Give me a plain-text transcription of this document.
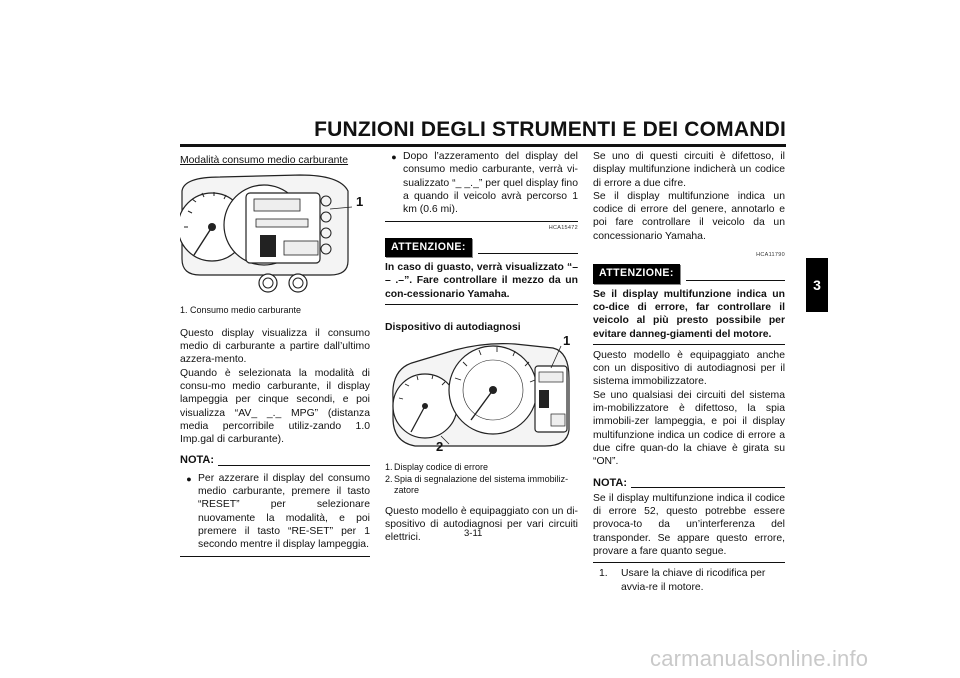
FUNZIONI DEGLI STRUMENTI E DEI COMANDI
3
Modalità consumo medio carburante
1
1. Consumo medio carburante

Questo display visualizza il consumo medio di carburante a partire dall’ultimo azzera-mento.

Quando è selezionata la modalità di consu-mo medio carburante, il display lampeggia per cinque secondi, e poi visualizza “AV_ _._ MPG” (distanza media percorribile utiliz-zando 1.0 Imp.gal di carburante).

NOTA:
● Per azzerare il display del consumo medio carburante, premere il tasto “RESET” per selezionare nuovamente la modalità, e poi premere il tasto “RE-SET” per 1 secondo mentre il display lampeggia.
● Dopo l’azzeramento del display del consumo medio carburante, verrà vi-sualizzato “_ _._” per quel display fino a quando il veicolo avrà percorso 1 km (0.6 mi).
HCA15472
ATTENZIONE:
In caso di guasto, verrà visualizzato “– – .–”. Fare controllare il mezzo da un con-cessionario Yamaha.
Dispositivo di autodiagnosi
1
2
1. Display codice di errore
2. Spia di segnalazione del sistema immobiliz-zatore

Questo modello è equipaggiato con un di-spositivo di autodiagnosi per vari circuiti elettrici.

Se uno di questi circuiti è difettoso, il display multifunzione indicherà un codice di errore a due cifre.

Se il display multifunzione indica un codice di errore del genere, annotarlo e poi fare controllare il veicolo da un concessionario Yamaha.

HCA11790
ATTENZIONE:
Se il display multifunzione indica un co-dice di errore, far controllare il veicolo al più presto possibile per evitare danneg-giamenti del motore.

Questo modello è equipaggiato anche con un dispositivo di autodiagnosi per il sistema immobilizzatore.

Se uno qualsiasi dei circuiti del sistema im-mobilizzatore è difettoso, la spia immobili-zer lampeggia, e poi il display multifunzione indica un codice di errore a due cifre quan-do la chiave è girata su “ON”.

NOTA:

Se il display multifunzione indica il codice di errore 52, questo potrebbe essere provoca-to da un’interferenza del transponder. Se appare questo errore, provare a fare quanto segue.

1.	Usare la chiave di ricodifica per avvia-re il motore.
3-11
carmanualsonline.info
